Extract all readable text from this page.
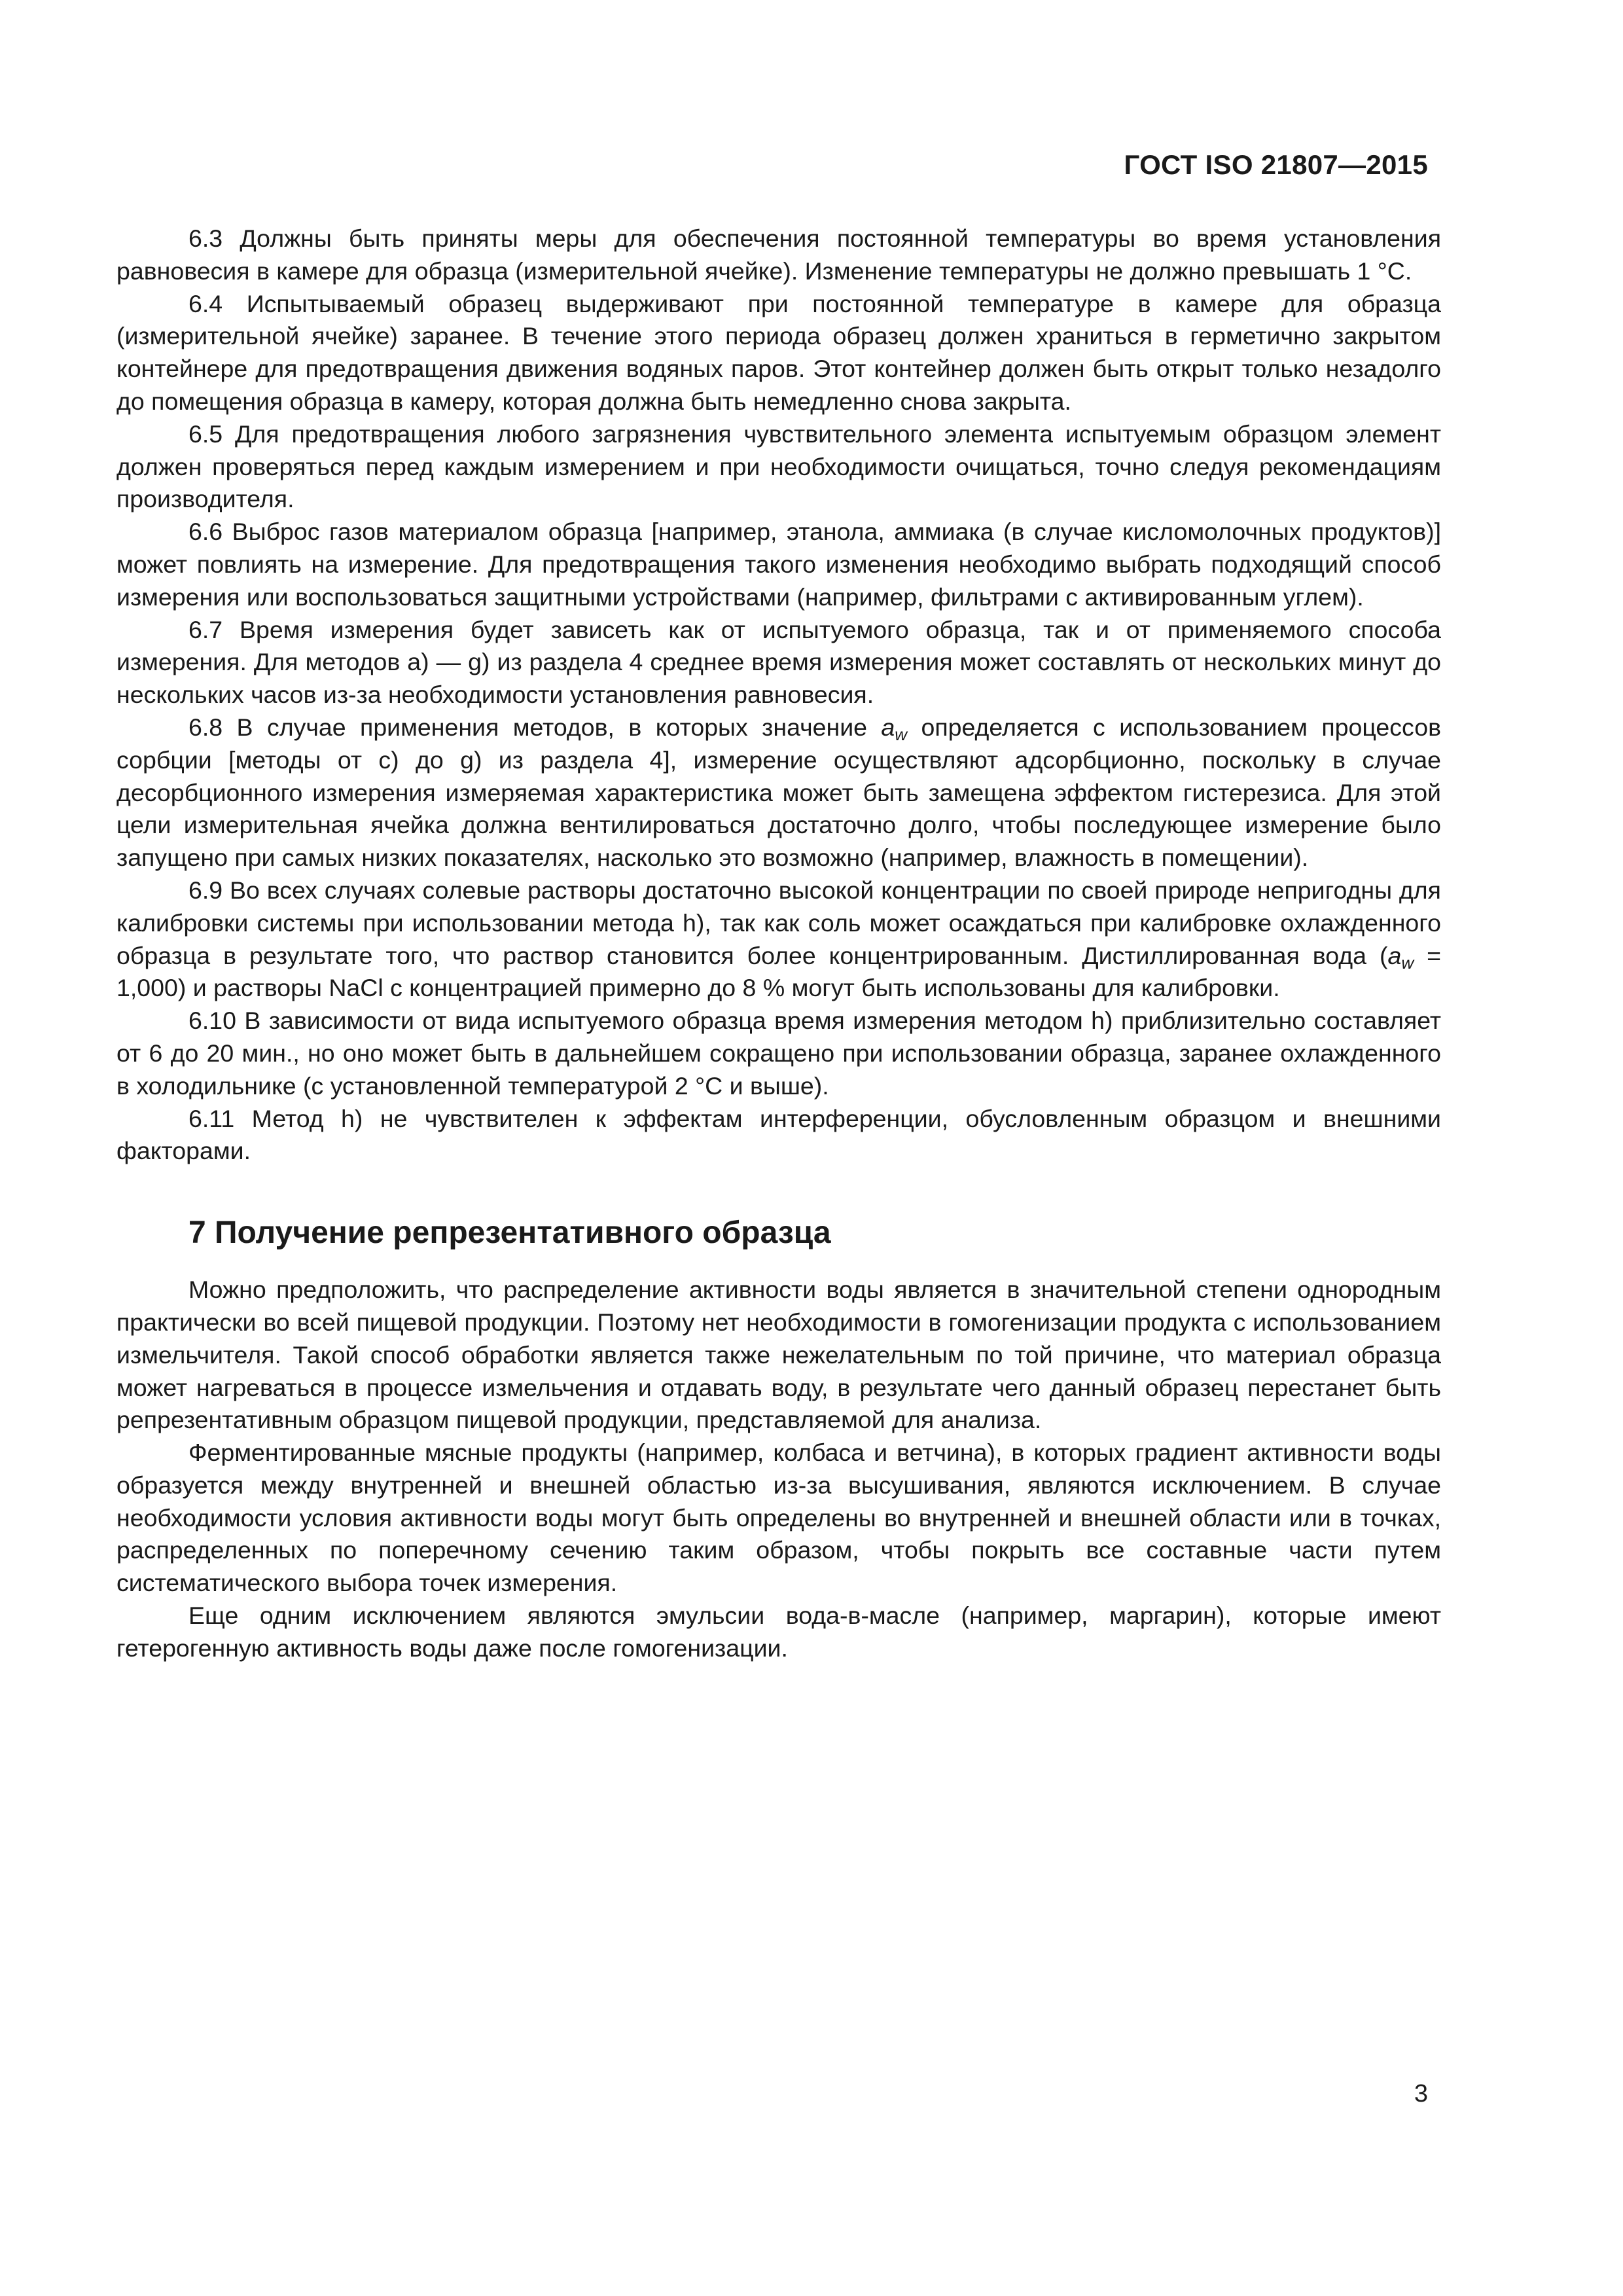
ГОСТ ISO 21807—2015

6.3 Должны быть приняты меры для обеспечения постоянной температуры во время установления равновесия в камере для образца (измерительной ячейке). Изменение температуры не должно превышать 1 °С.

6.4 Испытываемый образец выдерживают при постоянной температуре в камере для образца (измерительной ячейке) заранее. В течение этого периода образец должен храниться в герметично закрытом контейнере для предотвращения движения водяных паров. Этот контейнер должен быть открыт только незадолго до помещения образца в камеру, которая должна быть немедленно снова закрыта.

6.5 Для предотвращения любого загрязнения чувствительного элемента испытуемым образцом элемент должен проверяться перед каждым измерением и при необходимости очищаться, точно следуя рекомендациям производителя.

6.6 Выброс газов материалом образца [например, этанола, аммиака (в случае кисломолочных продуктов)] может повлиять на измерение. Для предотвращения такого изменения необходимо выбрать подходящий способ измерения или воспользоваться защитными устройствами (например, фильтрами с активированным углем).

6.7 Время измерения будет зависеть как от испытуемого образца, так и от применяемого способа измерения. Для методов а) — g) из раздела 4 среднее время измерения может составлять от нескольких минут до нескольких часов из-за необходимости установления равновесия.

6.8 В случае применения методов, в которых значение $a_w$ определяется с использованием процессов сорбции [методы от с) до g) из раздела 4], измерение осуществляют адсорбционно, поскольку в случае десорбционного измерения измеряемая характеристика может быть замещена эффектом гистерезиса. Для этой цели измерительная ячейка должна вентилироваться достаточно долго, чтобы последующее измерение было запущено при самых низких показателях, насколько это возможно (например, влажность в помещении).

6.9 Во всех случаях солевые растворы достаточно высокой концентрации по своей природе непригодны для калибровки системы при использовании метода h), так как соль может осаждаться при калибровке охлажденного образца в результате того, что раствор становится более концентрированным. Дистиллированная вода $(a_w = 1,000)$ и растворы NaCl с концентрацией примерно до 8 % могут быть использованы для калибровки.

6.10 В зависимости от вида испытуемого образца время измерения методом h) приблизительно составляет от 6 до 20 мин., но оно может быть в дальнейшем сокращено при использовании образца, заранее охлажденного в холодильнике (с установленной температурой 2 °С и выше).

6.11 Метод h) не чувствителен к эффектам интерференции, обусловленным образцом и внешними факторами.

7 Получение репрезентативного образца

Можно предположить, что распределение активности воды является в значительной степени однородным практически во всей пищевой продукции. Поэтому нет необходимости в гомогенизации продукта с использованием измельчителя. Такой способ обработки является также нежелательным по той причине, что материал образца может нагреваться в процессе измельчения и отдавать воду, в результате чего данный образец перестанет быть репрезентативным образцом пищевой продукции, представляемой для анализа.

Ферментированные мясные продукты (например, колбаса и ветчина), в которых градиент активности воды образуется между внутренней и внешней областью из-за высушивания, являются исключением. В случае необходимости условия активности воды могут быть определены во внутренней и внешней области или в точках, распределенных по поперечному сечению таким образом, чтобы покрыть все составные части путем систематического выбора точек измерения.

Еще одним исключением являются эмульсии вода-в-масле (например, маргарин), которые имеют гетерогенную активность воды даже после гомогенизации.

3
